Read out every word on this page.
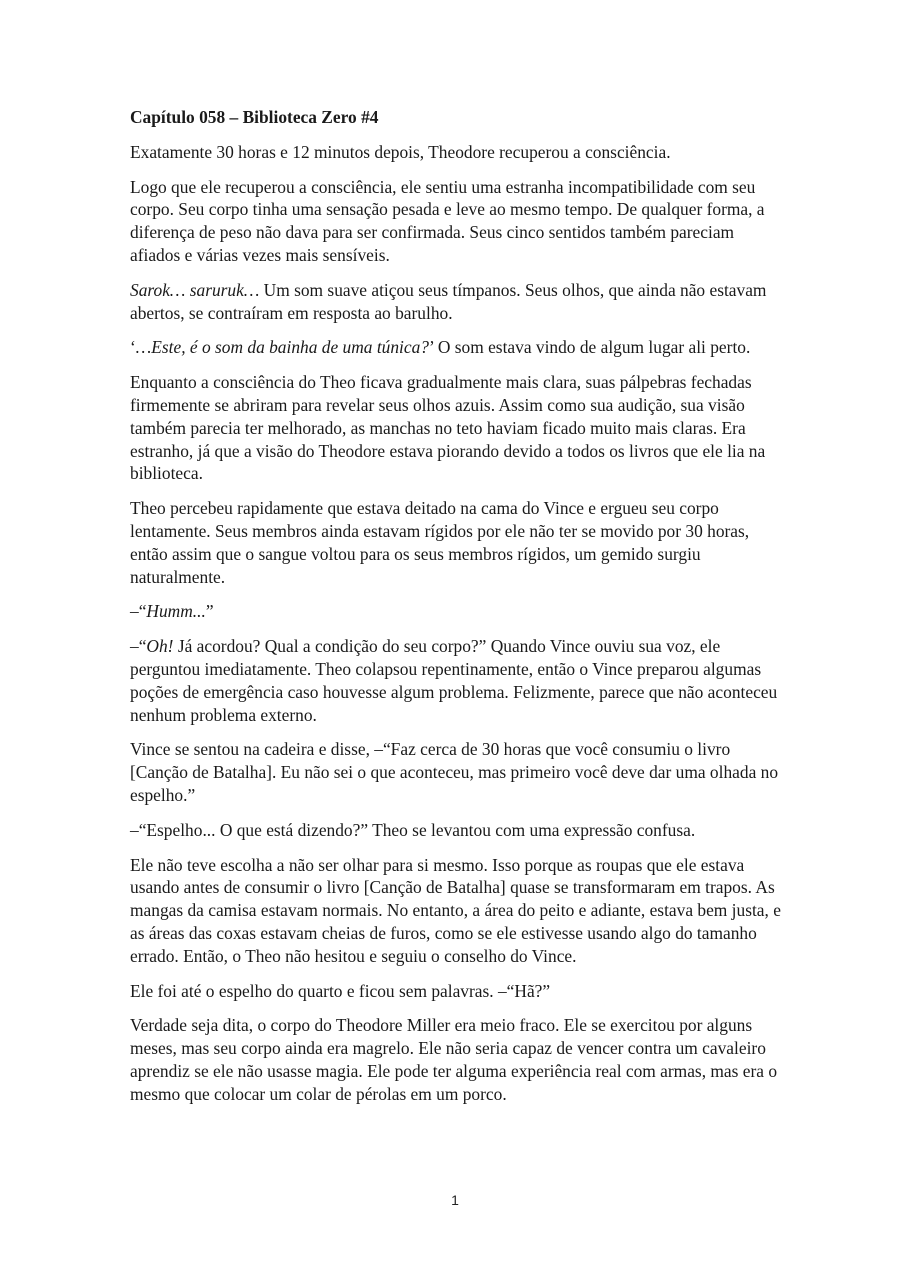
Capítulo 058 – Biblioteca Zero #4

Exatamente 30 horas e 12 minutos depois, Theodore recuperou a consciência.

Logo que ele recuperou a consciência, ele sentiu uma estranha incompatibilidade com seu corpo. Seu corpo tinha uma sensação pesada e leve ao mesmo tempo. De qualquer forma, a diferença de peso não dava para ser confirmada. Seus cinco sentidos também pareciam afiados e várias vezes mais sensíveis.

Sarok… saruruk… Um som suave atiçou seus tímpanos. Seus olhos, que ainda não estavam abertos, se contraíram em resposta ao barulho.

‘…Este, é o som da bainha de uma túnica?’ O som estava vindo de algum lugar ali perto.

Enquanto a consciência do Theo ficava gradualmente mais clara, suas pálpebras fechadas firmemente se abriram para revelar seus olhos azuis. Assim como sua audição, sua visão também parecia ter melhorado, as manchas no teto haviam ficado muito mais claras. Era estranho, já que a visão do Theodore estava piorando devido a todos os livros que ele lia na biblioteca.

Theo percebeu rapidamente que estava deitado na cama do Vince e ergueu seu corpo lentamente. Seus membros ainda estavam rígidos por ele não ter se movido por 30 horas, então assim que o sangue voltou para os seus membros rígidos, um gemido surgiu naturalmente.

–“Humm...”

–“Oh! Já acordou? Qual a condição do seu corpo?” Quando Vince ouviu sua voz, ele perguntou imediatamente. Theo colapsou repentinamente, então o Vince preparou algumas poções de emergência caso houvesse algum problema. Felizmente, parece que não aconteceu nenhum problema externo.

Vince se sentou na cadeira e disse, –“Faz cerca de 30 horas que você consumiu o livro [Canção de Batalha]. Eu não sei o que aconteceu, mas primeiro você deve dar uma olhada no espelho.”

–“Espelho... O que está dizendo?” Theo se levantou com uma expressão confusa.

Ele não teve escolha a não ser olhar para si mesmo. Isso porque as roupas que ele estava usando antes de consumir o livro [Canção de Batalha] quase se transformaram em trapos. As mangas da camisa estavam normais. No entanto, a área do peito e adiante, estava bem justa, e as áreas das coxas estavam cheias de furos, como se ele estivesse usando algo do tamanho errado. Então, o Theo não hesitou e seguiu o conselho do Vince.

Ele foi até o espelho do quarto e ficou sem palavras. –“Hã?”

Verdade seja dita, o corpo do Theodore Miller era meio fraco. Ele se exercitou por alguns meses, mas seu corpo ainda era magrelo. Ele não seria capaz de vencer contra um cavaleiro aprendiz se ele não usasse magia. Ele pode ter alguma experiência real com armas, mas era o mesmo que colocar um colar de pérolas em um porco.

1
